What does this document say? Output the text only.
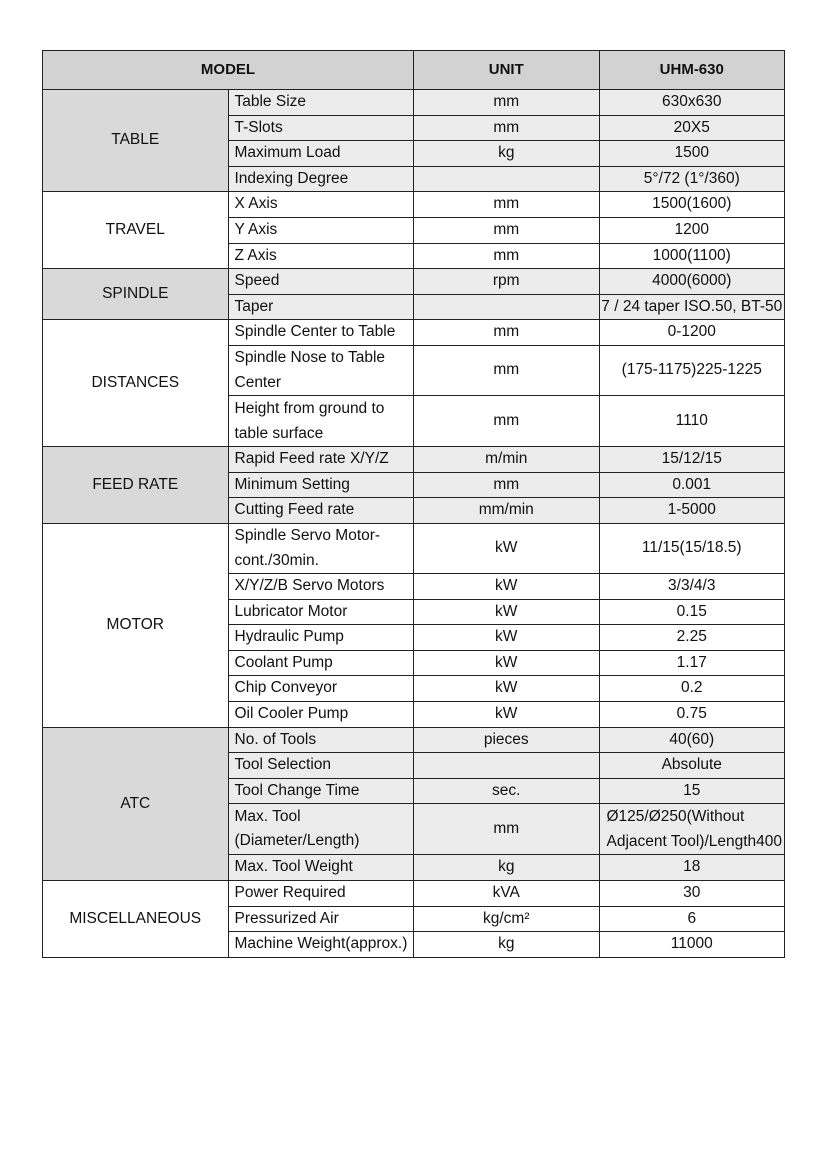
MODEL		UNIT	UHM-630
TABLE	Table Size	mm	630x630
	T-Slots	mm	20X5
	Maximum Load	kg	1500
	Indexing Degree		5°/72 (1°/360)
TRAVEL	X Axis	mm	1500(1600)
	Y Axis	mm	1200
	Z Axis	mm	1000(1100)
SPINDLE	Speed	rpm	4000(6000)
	Taper		7 / 24 taper ISO.50, BT-50
DISTANCES	Spindle Center to Table	mm	0-1200
	Spindle Nose to Table Center	mm	(175-1175)225-1225
	Height from ground to table surface	mm	1110
FEED RATE	Rapid Feed rate X/Y/Z	m/min	15/12/15
	Minimum Setting	mm	0.001
	Cutting Feed rate	mm/min	1-5000
MOTOR	Spindle Servo Motor-cont./30min.	kW	11/15(15/18.5)
	X/Y/Z/B Servo Motors	kW	3/3/4/3
	Lubricator Motor	kW	0.15
	Hydraulic Pump	kW	2.25
	Coolant Pump	kW	1.17
	Chip Conveyor	kW	0.2
	Oil Cooler Pump	kW	0.75
ATC	No. of Tools	pieces	40(60)
	Tool Selection		Absolute
	Tool Change Time	sec.	15
	Max. Tool (Diameter/Length)	mm	Ø125/Ø250(Without Adjacent Tool)/Length400
	Max. Tool Weight	kg	18
MISCELLANEOUS	Power Required	kVA	30
	Pressurized Air	kg/cm²	6
	Machine Weight(approx.)	kg	11000
